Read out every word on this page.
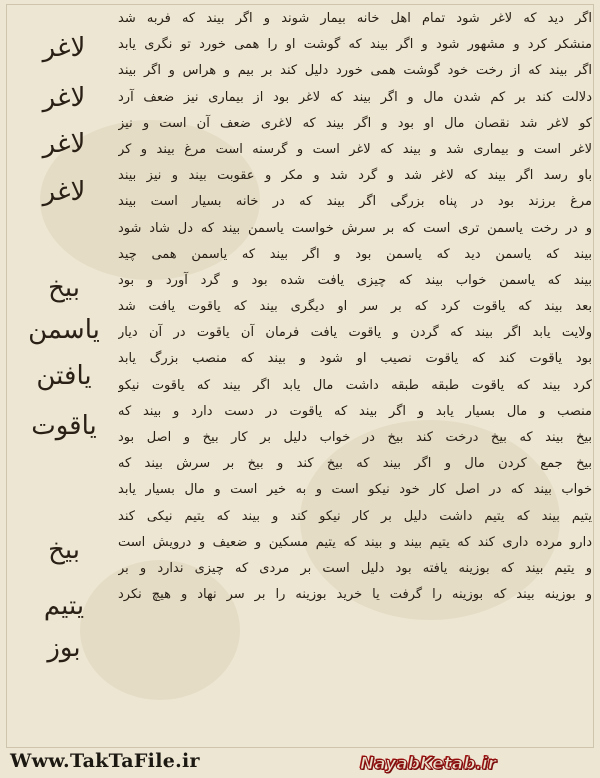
اگر دید که لاغر شود تمام اهل خانه بیمار شوند و اگر بیند که فربه شد
منشکر کرد و مشهور شود و اگر بیند که گوشت او را همی خورد تو نگری یابد
اگر بیند که از رخت خود گوشت همی خورد دلیل کند بر بیم و هراس و اگر بیند
دلالت کند بر کم شدن مال و اگر بیند که لاغر بود از بیماری نیز ضعف آرد
کو لاغر شد نقصان مال او بود و اگر بیند که لاغری ضعف آن است و نیز
لاغر است و بیماری شد و بیند که لاغر است و گرسنه است مرغ بیند و کر
باو رسد اگر بیند که لاغر شد و گرد شد و مکر و عقوبت بیند و نیز بیند
مرغ برزند بود در پناه بزرگی اگر بیند که در خانه بسیار است بیند
و در رخت یاسمن تری است که بر سرش خواست یاسمن بیند که دل شاد شود
بیند که یاسمن دید که یاسمن بود و اگر بیند که یاسمن همی چید
بیند که یاسمن خواب بیند که چیزی یافت شده بود و گرد آورد و بود
بعد بیند که یاقوت کرد که بر سر او دیگری بیند که یاقوت یافت شد
ولایت یابد اگر بیند که گردن و یاقوت یافت فرمان آن یاقوت در آن دیار
بود یاقوت کند که یاقوت نصیب او شود و بیند که منصب بزرگ یابد
کرد بیند که یاقوت طبقه طبقه داشت مال یابد اگر بیند که یاقوت نیکو
منصب و مال بسیار یابد و اگر بیند که یاقوت در دست دارد و بیند که
بیخ بیند که بیخ درخت کند بیخ در خواب دلیل بر کار بیخ و اصل بود
بیخ جمع کردن مال و اگر بیند که بیخ کند و بیخ بر سرش بیند که
خواب بیند که در اصل کار خود نیکو است و به خیر است و مال بسیار یابد
یتیم بیند که یتیم داشت دلیل بر کار نیکو کند و بیند که یتیم نیکی کند
دارو مرده داری کند که یتیم بیند و بیند که یتیم مسکین و ضعیف و درویش است
و یتیم بیند که بوزینه یافته بود دلیل است بر مردی که چیزی ندارد و بر
و بوزینه بیند که بوزینه را گرفت یا خرید بوزینه را بر سر نهاد و هیچ نکرد
لاغر
لاغر
لاغر
لاغر
بیخ
یاسمن
یافتن
یاقوت
بیخ
یتیم
بوز
Www.TakTaFile.ir	NayabKetab.ir
